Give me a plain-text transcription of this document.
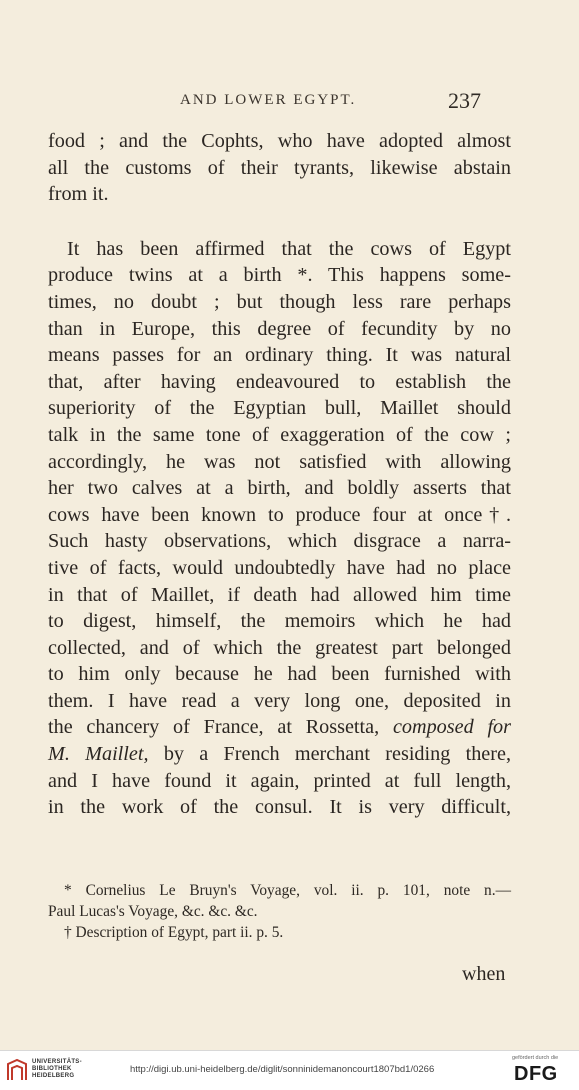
AND LOWER EGYPT.	237
food ; and the Cophts, who have adopted almost
all the customs of their tyrants, likewise abstain
from it.
It has been affirmed that the cows of Egypt
produce twins at a birth *. This happens some-
times, no doubt ; but though less rare perhaps
than in Europe, this degree of fecundity by no
means passes for an ordinary thing. It was natural
that, after having endeavoured to establish the
superiority of the Egyptian bull, Maillet should
talk in the same tone of exaggeration of the cow ;
accordingly, he was not satisfied with allowing
her two calves at a birth, and boldly asserts that
cows have been known to produce four at once†.
Such hasty observations, which disgrace a narra-
tive of facts, would undoubtedly have had no place
in that of Maillet, if death had allowed him time
to digest, himself, the memoirs which he had
collected, and of which the greatest part belonged
to him only because he had been furnished with
them. I have read a very long one, deposited in
the chancery of France, at Rossetta, composed for
M. Maillet, by a French merchant residing there,
and I have found it again, printed at full length,
in the work of the consul. It is very difficult,
* Cornelius Le Bruyn's Voyage, vol. ii. p. 101, note n.—
Paul Lucas's Voyage, &c. &c. &c.
† Description of Egypt, part ii. p. 5.
when
UNIVERSITÄTS-
BIBLIOTHEK
HEIDELBERG
http://digi.ub.uni-heidelberg.de/diglit/sonninidemanoncourt1807bd1/0266
gefördert durch die
DFG
